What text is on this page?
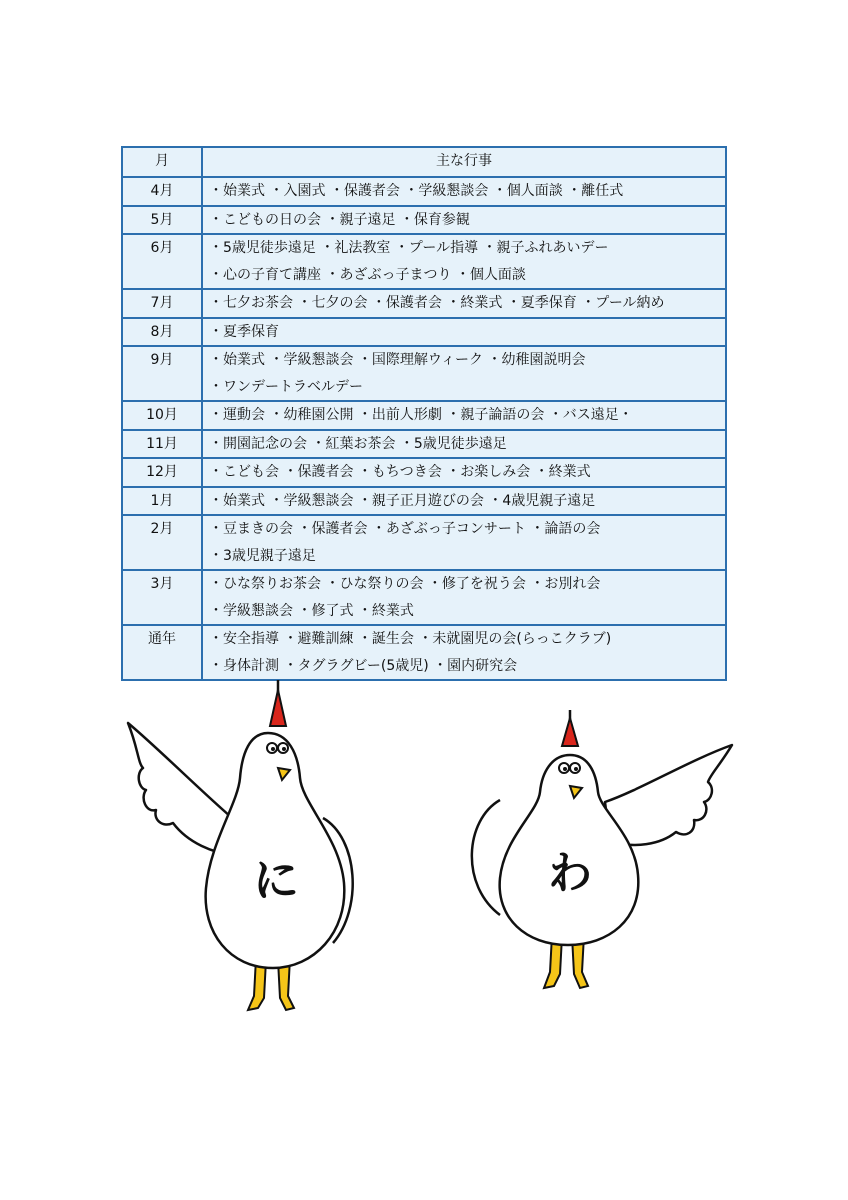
月	主な行事
4月	・始業式 ・入園式 ・保護者会 ・学級懇談会 ・個人面談 ・離任式

5月	・こどもの日の会 ・親子遠足 ・保育参観

6月	・5歳児徒歩遠足 ・礼法教室 ・プール指導 ・親子ふれあいデー
・心の子育て講座 ・あざぶっ子まつり ・個人面談

7月	・七夕お茶会 ・七夕の会 ・保護者会 ・終業式 ・夏季保育 ・プール納め

8月	・夏季保育

9月	・始業式 ・学級懇談会 ・国際理解ウィーク ・幼稚園説明会
・ワンデートラベルデー

10月	・運動会 ・幼稚園公開 ・出前人形劇 ・親子論語の会 ・バス遠足・

11月	・開園記念の会 ・紅葉お茶会 ・5歳児徒歩遠足

12月	・こども会 ・保護者会 ・もちつき会 ・お楽しみ会 ・終業式

1月	・始業式 ・学級懇談会 ・親子正月遊びの会 ・4歳児親子遠足

2月	・豆まきの会 ・保護者会 ・あざぶっ子コンサート ・論語の会
・3歳児親子遠足

3月	・ひな祭りお茶会 ・ひな祭りの会 ・修了を祝う会 ・お別れ会
・学級懇談会 ・修了式 ・終業式

通年	・安全指導 ・避難訓練 ・誕生会 ・未就園児の会(らっこクラブ)
・身体計測 ・タグラグビー(5歳児) ・園内研究会
に	わ
